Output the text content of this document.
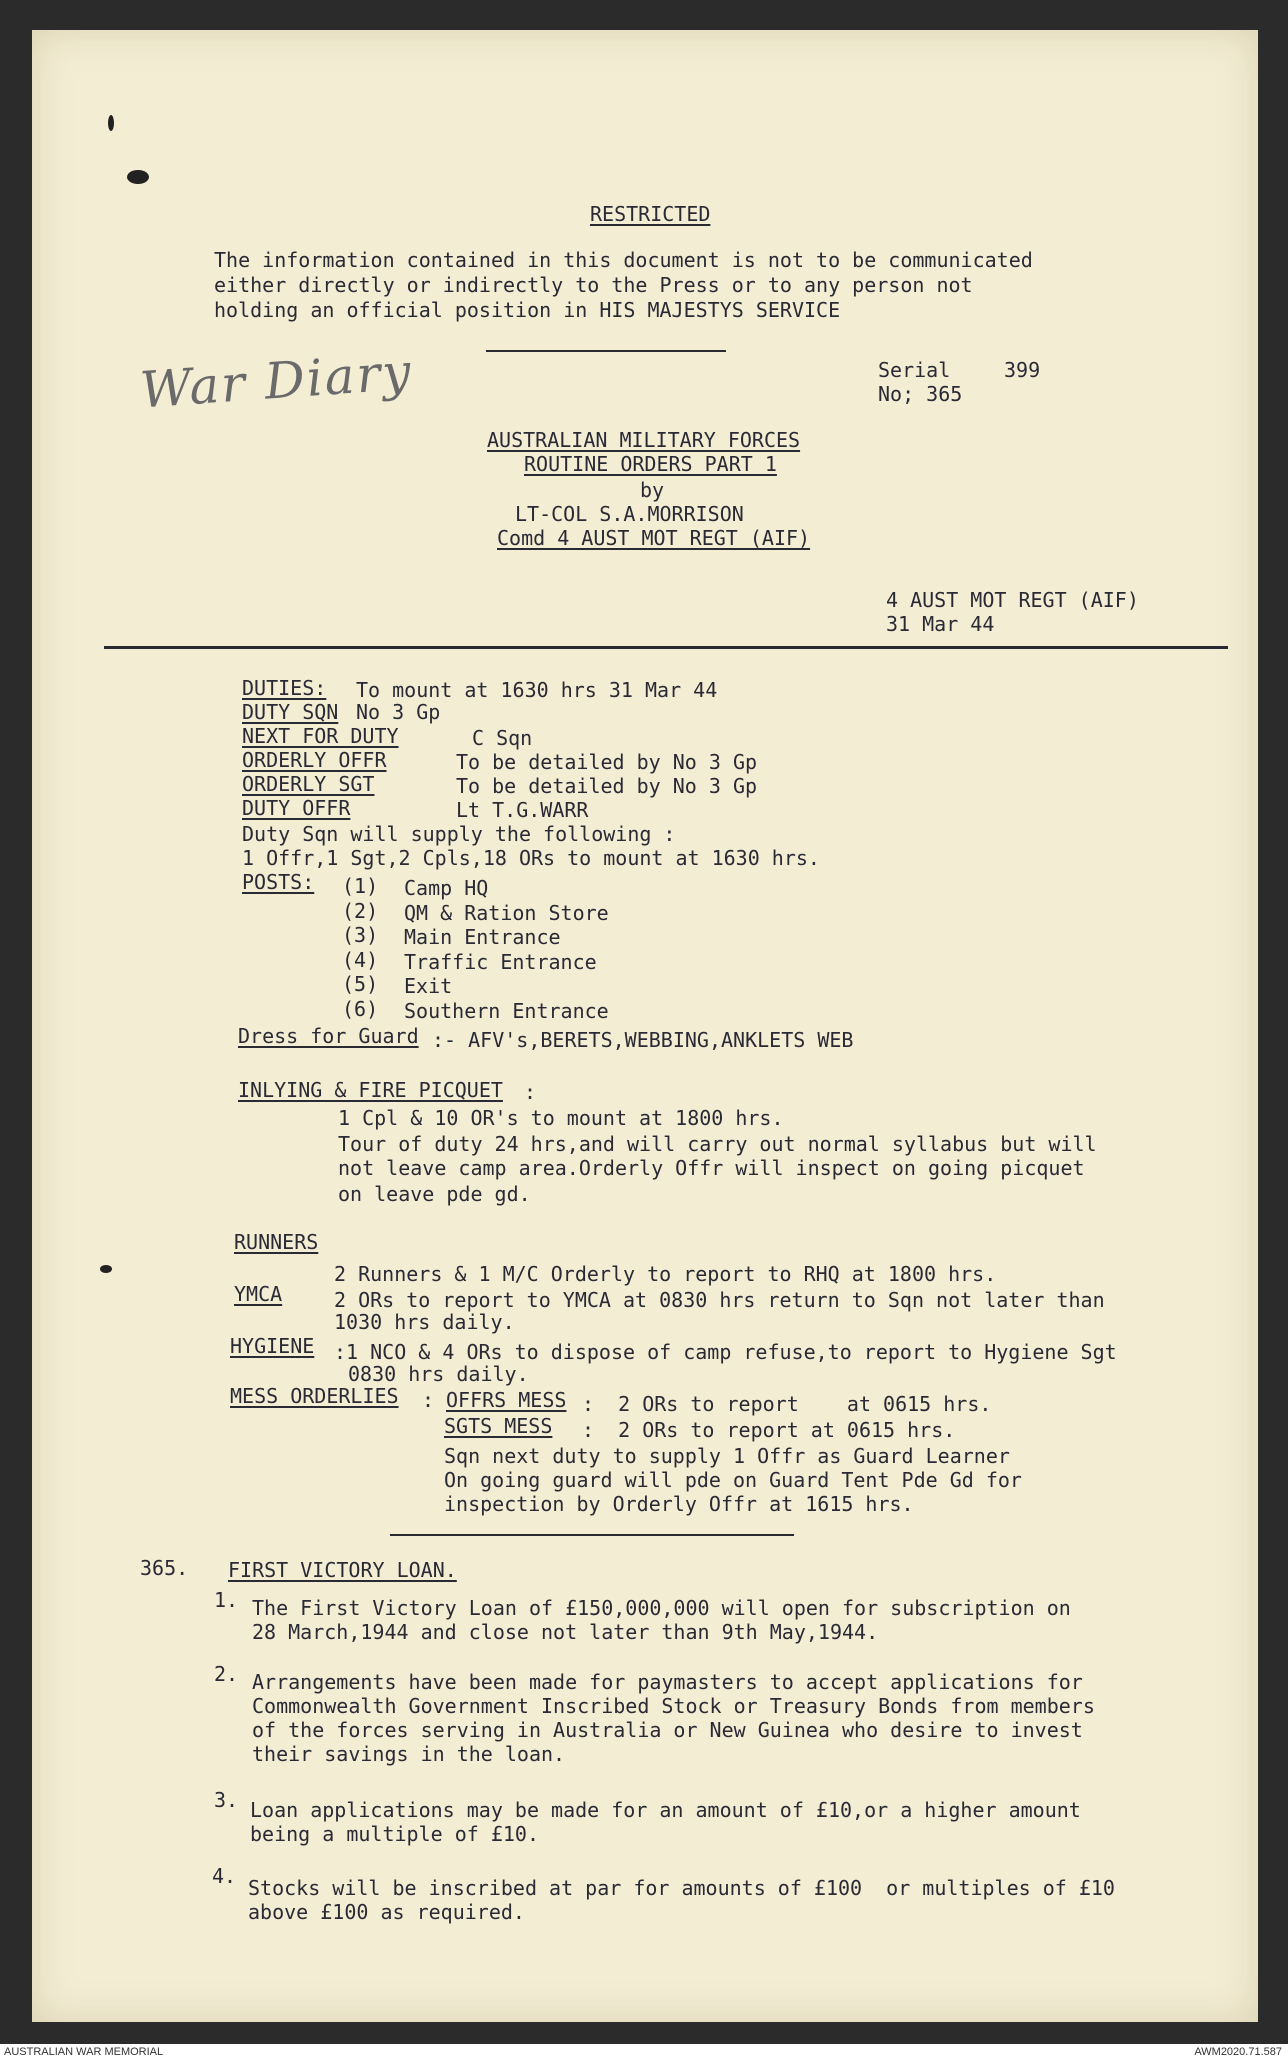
RESTRICTED
The information contained in this document is not to be communicated
either directly or indirectly to the Press or to any person not
holding an official position in HIS MAJESTYS SERVICE
War Diary	Serial	399
No; 365
AUSTRALIAN MILITARY FORCES
ROUTINE ORDERS PART 1
by
LT-COL S.A.MORRISON
Comd 4 AUST MOT REGT (AIF)
4 AUST MOT REGT (AIF)
31 Mar 44
DUTIES: To mount at 1630 hrs 31 Mar 44
DUTY SQN No 3 Gp
NEXT FOR DUTY	C Sqn
ORDERLY OFFR	To be detailed by No 3 Gp
ORDERLY SGT	To be detailed by No 3 Gp
DUTY OFFR	Lt T.G.WARR
Duty Sqn will supply the following :
1 Offr,1 Sgt,2 Cpls,18 ORs to mount at 1630 hrs.
POSTS: (1) Camp HQ
(2) QM & Ration Store
(3) Main Entrance
(4) Traffic Entrance
(5) Exit
(6) Southern Entrance
Dress for Guard :- AFV's,BERETS,WEBBING,ANKLETS WEB
INLYING & FIRE PICQUET :
1 Cpl & 10 OR's to mount at 1800 hrs.
Tour of duty 24 hrs,and will carry out normal syllabus but will
not leave camp area.Orderly Offr will inspect on going picquet
on leave pde gd.
RUNNERS
2 Runners & 1 M/C Orderly to report to RHQ at 1800 hrs.
YMCA	2 ORs to report to YMCA at 0830 hrs return to Sqn not later than
1030 hrs daily.
HYGIENE :1 NCO & 4 ORs to dispose of camp refuse,to report to Hygiene Sgt
0830 hrs daily.
MESS ORDERLIES : OFFRS MESS :  2 ORs to report    at 0615 hrs.
SGTS MESS :  2 ORs to report at 0615 hrs.
Sqn next duty to supply 1 Offr as Guard Learner
On going guard will pde on Guard Tent Pde Gd for
inspection by Orderly Offr at 1615 hrs.
365. FIRST VICTORY LOAN.
1. The First Victory Loan of £150,000,000 will open for subscription on
28 March,1944 and close not later than 9th May,1944.
2. Arrangements have been made for paymasters to accept applications for
Commonwealth Government Inscribed Stock or Treasury Bonds from members
of the forces serving in Australia or New Guinea who desire to invest
their savings in the loan.
3. Loan applications may be made for an amount of £10,or a higher amount
being a multiple of £10.
4. Stocks will be inscribed at par for amounts of £100  or multiples of £10
above £100 as required.
AUSTRALIAN WAR MEMORIAL	AWM2020.71.587
